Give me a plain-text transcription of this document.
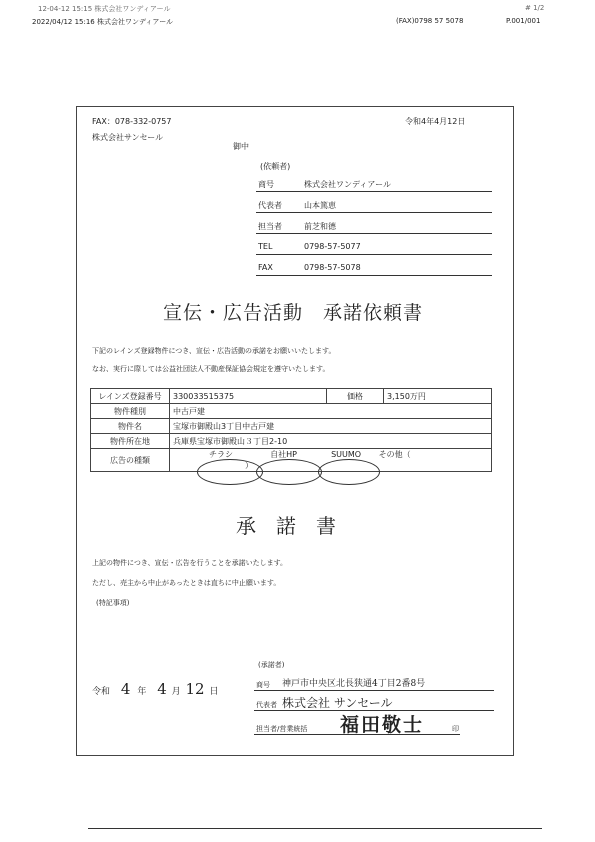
12-04-12 15:15 株式会社ワンディアール	# 1/2
2022/04/12 15:16 株式会社ワンディアール	(FAX)0798 57 5078	P.001/001
FAX：078-332-0757	令和4年4月12日
株式会社サンセール
御中
(依頼者)
商号	株式会社ワンディアール
代表者	山本篤恵
担当者	前芝和德
TEL	0798-57-5077
FAX	0798-57-5078
宣伝・広告活動　承諾依頼書
下記のレインズ登録物件につき、宣伝・広告活動の承諾をお願いいたします。
なお、実行に際しては公益社団法人不動産保証協会規定を遵守いたします。
レインズ登録番号	330033515375	価格	3,150万円
物件種別	中古戸建		
物件名	宝塚市御殿山3丁目中古戸建		
物件所在地	兵庫県宝塚市御殿山３丁目2-10		
広告の種類	チラシ 自社HP SUUMO その他（ ）		
承　諾　書
上記の物件につき、宣伝・広告を行うことを承諾いたします。
ただし、売主から中止があったときは直ちに中止願います。
(特記事項)
(承諾者)
令和 4 年 4 月 12 日
商号 神戸市中央区北長狭通4丁目2番8号
代表者 株式会社 サンセール
担当者/営業統括 福田敬士	印
